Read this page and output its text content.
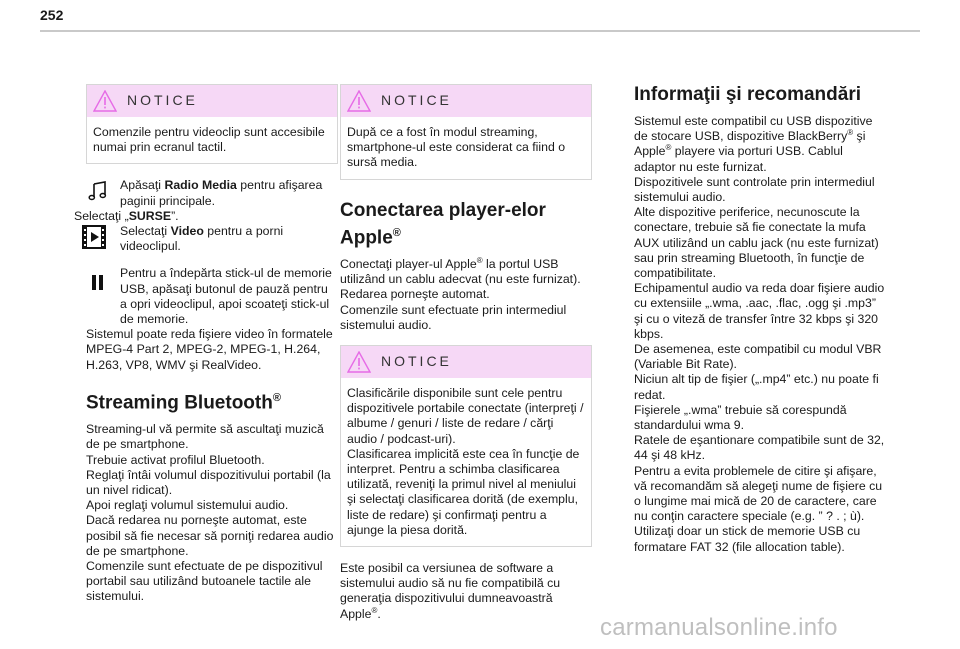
252
NOTICE
Comenzile pentru videoclip sunt accesibile numai prin ecranul tactil.

Apăsaţi Radio Media pentru afişarea paginii principale.

Selectaţi „SURSE”.

Selectaţi Video pentru a porni videoclipul.

Pentru a îndepărta stick-ul de memorie USB, apăsaţi butonul de pauză pentru a opri videoclipul, apoi scoateţi stick-ul de memorie.

Sistemul poate reda fişiere video în formatele MPEG-4 Part 2, MPEG-2, MPEG-1, H.264, H.263, VP8, WMV şi RealVideo.

Streaming Bluetooth®

Streaming-ul vă permite să ascultaţi muzică de pe smartphone.
Trebuie activat profilul Bluetooth.
Reglaţi întâi volumul dispozitivului portabil (la un nivel ridicat).
Apoi reglaţi volumul sistemului audio.
Dacă redarea nu porneşte automat, este posibil să fie necesar să porniţi redarea audio de pe smartphone.
Comenzile sunt efectuate de pe dispozitivul portabil sau utilizând butoanele tactile ale sistemului.

NOTICE
După ce a fost în modul streaming, smartphone-ul este considerat ca fiind o sursă media.
Conectarea player-elor Apple®

Conectaţi player-ul Apple® la portul USB utilizând un cablu adecvat (nu este furnizat).
Redarea porneşte automat.
Comenzile sunt efectuate prin intermediul sistemului audio.

NOTICE
Clasificările disponibile sunt cele pentru dispozitivele portabile conectate (interpreţi / albume / genuri / liste de redare / cărţi audio / podcast-uri).
Clasificarea implicită este cea în funcţie de interpret. Pentru a schimba clasificarea utilizată, reveniţi la primul nivel al meniului şi selectaţi clasificarea dorită (de exemplu, liste de redare) şi confirmaţi pentru a ajunge la piesa dorită.

Este posibil ca versiunea de software a sistemului audio să nu fie compatibilă cu generaţia dispozitivului dumneavoastră Apple®.

Informaţii şi recomandări

Sistemul este compatibil cu USB dispozitive de stocare USB, dispozitive BlackBerry® şi Apple® playere via porturi USB. Cablul adaptor nu este furnizat.
Dispozitivele sunt controlate prin intermediul sistemului audio.
Alte dispozitive periferice, necunoscute la conectare, trebuie să fie conectate la mufa AUX utilizând un cablu jack (nu este furnizat) sau prin streaming Bluetooth, în funcţie de compatibilitate.
Echipamentul audio va reda doar fişiere audio cu extensiile „.wma, .aac, .flac, .ogg şi .mp3” şi cu o viteză de transfer între 32 kbps şi 320 kbps.
De asemenea, este compatibil cu modul VBR (Variable Bit Rate).
Niciun alt tip de fişier („.mp4” etc.) nu poate fi redat.
Fişierele „.wma” trebuie să corespundă standardului wma 9.
Ratele de eşantionare compatibile sunt de 32, 44 şi 48 kHz.
Pentru a evita problemele de citire şi afişare, vă recomandăm să alegeţi nume de fişiere cu o lungime mai mică de 20 de caractere, care nu conţin caractere speciale (e.g. ” ? . ; ù).
Utilizaţi doar un stick de memorie USB cu formatare FAT 32 (file allocation table).

carmanualsonline.info
